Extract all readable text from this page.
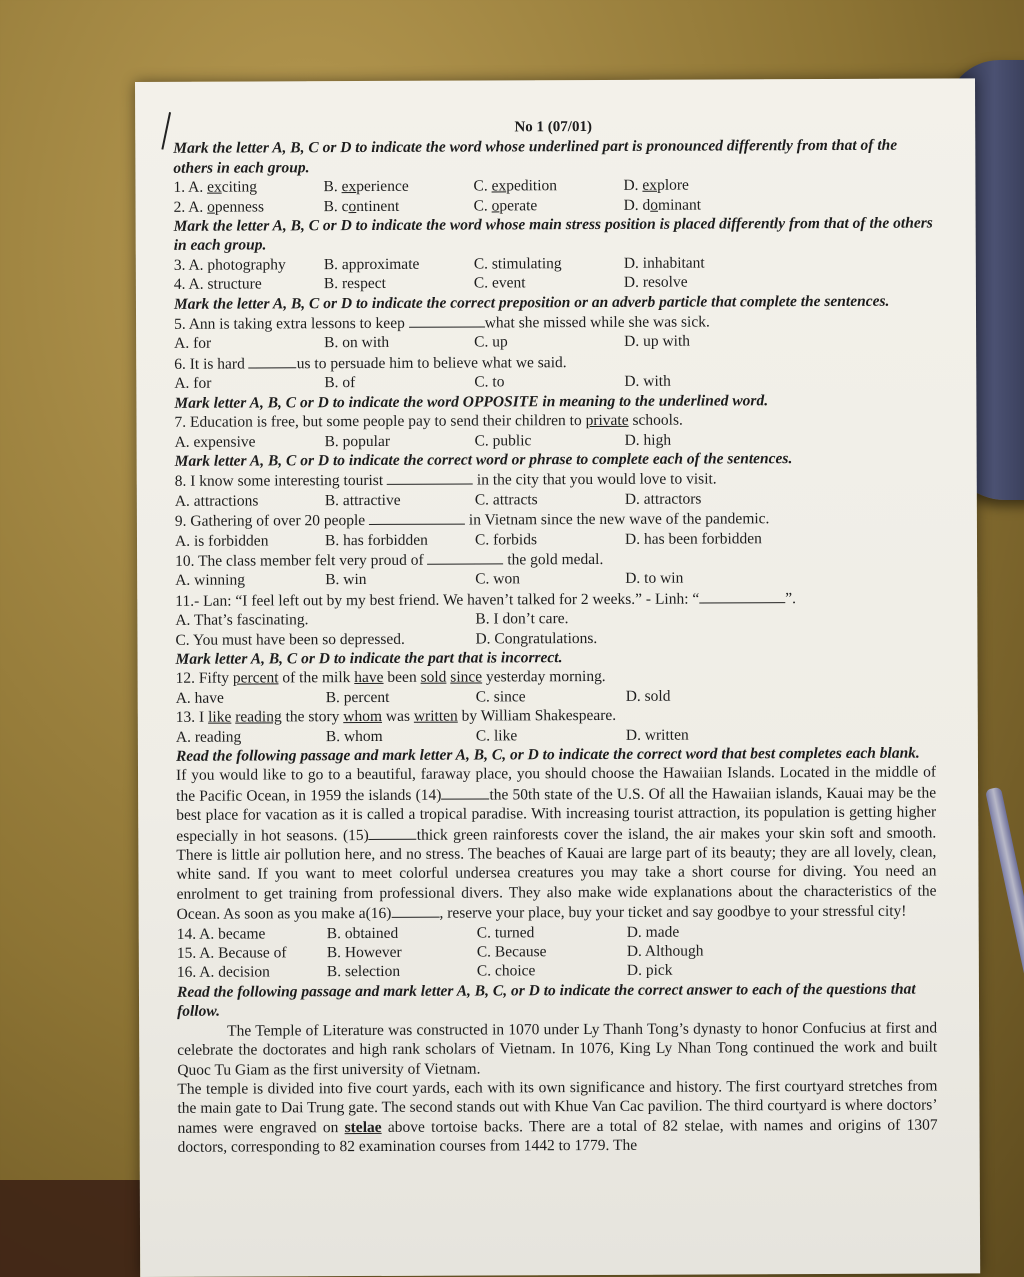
No 1 (07/01)
Mark the letter A, B, C or D to indicate the word whose underlined part is pronounced differently from that of the others in each group.
1. A. exciting	B. experience	C. expedition	D. explore
2. A. openness	B. continent	C. operate	D. dominant
Mark the letter A, B, C or D to indicate the word whose main stress position is placed differently from that of the others in each group.
3. A. photography	B. approximate	C. stimulating	D. inhabitant
4. A. structure	B. respect	C. event	D. resolve
Mark the letter A, B, C or D to indicate the correct preposition or an adverb particle that complete the sentences.
5. Ann is taking extra lessons to keep	what she missed while she was sick.
A. for	B. on with	C. up	D. up with
6. It is hard	us to persuade him to believe what we said.
A. for	B. of	C. to	D. with
Mark letter A, B, C or D to indicate the word OPPOSITE in meaning to the underlined word.
7. Education is free, but some people pay to send their children to private schools.
A. expensive	B. popular	C. public	D. high
Mark letter A, B, C or D to indicate the correct word or phrase to complete each of the sentences.
8. I know some interesting tourist	in the city that you would love to visit.
A. attractions	B. attractive	C. attracts	D. attractors
9. Gathering of over 20 people	in Vietnam since the new wave of the pandemic.
A. is forbidden	B. has forbidden	C. forbids	D. has been forbidden
10. The class member felt very proud of	the gold medal.
A. winning	B. win	C. won	D. to win
11.- Lan: “I feel left out by my best friend. We haven’t talked for 2 weeks.” - Linh: “	”.
A. That’s fascinating.	B. I don’t care.
C. You must have been so depressed.	D. Congratulations.
Mark letter A, B, C or D to indicate the part that is incorrect.
12. Fifty percent of the milk have been sold since yesterday morning.
A. have	B. percent	C. since	D. sold
13. I like reading the story whom was written by William Shakespeare.
A. reading	B. whom	C. like	D. written
Read the following passage and mark letter A, B, C, or D to indicate the correct word that best completes each blank.
If you would like to go to a beautiful, faraway place, you should choose the Hawaiian Islands. Located in the middle of the Pacific Ocean, in 1959 the islands (14)	the 50th state of the U.S. Of all the Hawaiian islands, Kauai may be the best place for vacation as it is called a tropical paradise. With increasing tourist attraction, its population is getting higher especially in hot seasons. (15)	thick green rainforests cover the island, the air makes your skin soft and smooth. There is little air pollution here, and no stress. The beaches of Kauai are large part of its beauty; they are all lovely, clean, white sand. If you want to meet colorful undersea creatures you may take a short course for diving. You need an enrolment to get training from professional divers. They also make wide explanations about the characteristics of the Ocean. As soon as you make a(16)	, reserve your place, buy your ticket and say goodbye to your stressful city!
14. A. became	B. obtained	C. turned	D. made
15. A. Because of	B. However	C. Because	D. Although
16. A. decision	B. selection	C. choice	D. pick
Read the following passage and mark letter A, B, C, or D to indicate the correct answer to each of the questions that follow.
The Temple of Literature was constructed in 1070 under Ly Thanh Tong’s dynasty to honor Confucius at first and celebrate the doctorates and high rank scholars of Vietnam. In 1076, King Ly Nhan Tong continued the work and built Quoc Tu Giam as the first university of Vietnam.
The temple is divided into five court yards, each with its own significance and history. The first courtyard stretches from the main gate to Dai Trung gate. The second stands out with Khue Van Cac pavilion. The third courtyard is where doctors’ names were engraved on stelae above tortoise backs. There are a total of 82 stelae, with names and origins of 1307 doctors, corresponding to 82 examination courses from 1442 to 1779. The
